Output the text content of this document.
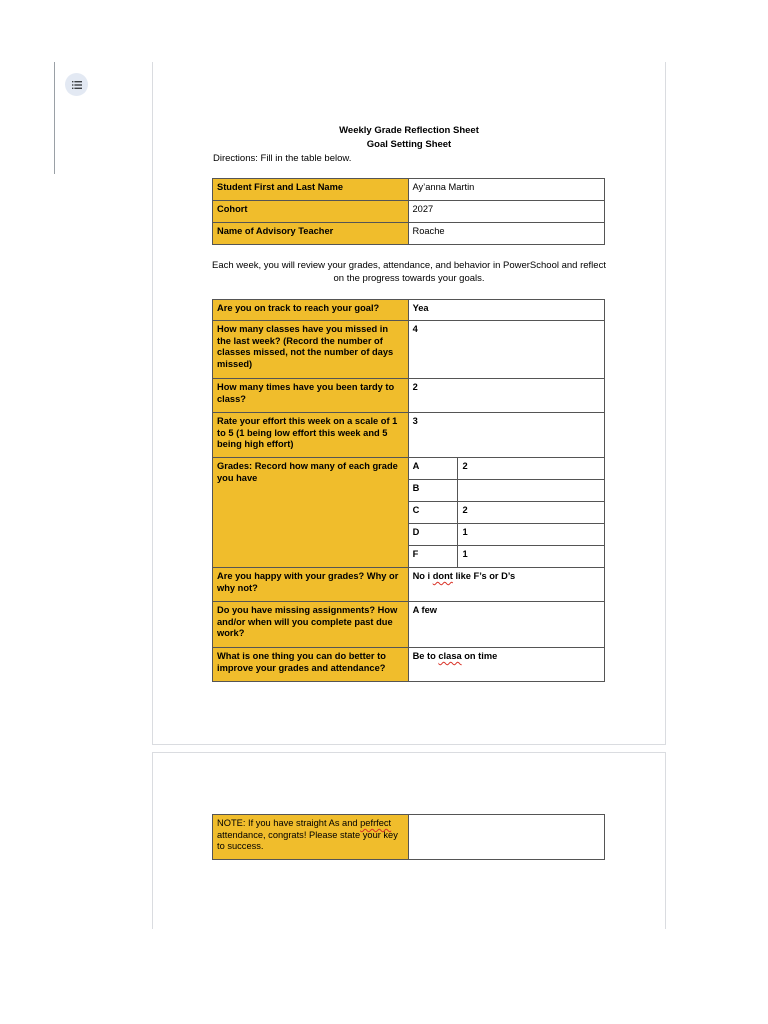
Weekly Grade Reflection Sheet
Goal Setting Sheet
Directions: Fill in the table below.
Student First and Last Name	Ay’anna Martin
Cohort	2027
Name of Advisory Teacher	Roache
Each week, you will review your grades, attendance, and behavior in PowerSchool and reflect on the progress towards your goals.
Are you on track to reach your goal?	Yea	
How many classes have you missed in the last week? (Record the number of classes missed, not the number of days missed)	4	
How many times have you been tardy to class?	2	
Rate your effort this week on a scale of 1 to 5 (1 being low effort this week and 5 being high effort)	3	
Grades: Record how many of each grade you have	A	2
	B	
	C	2
	D	1
	F	1
Are you happy with your grades? Why or why not?	No i dont like F’s or D’s	
Do you have missing assignments? How and/or when will you complete past due work?	A few	
What is one thing you can do better to improve your grades and attendance?	Be to clasa on time	
NOTE: If you have straight As and pefrfect attendance, congrats! Please state your key to success.	
